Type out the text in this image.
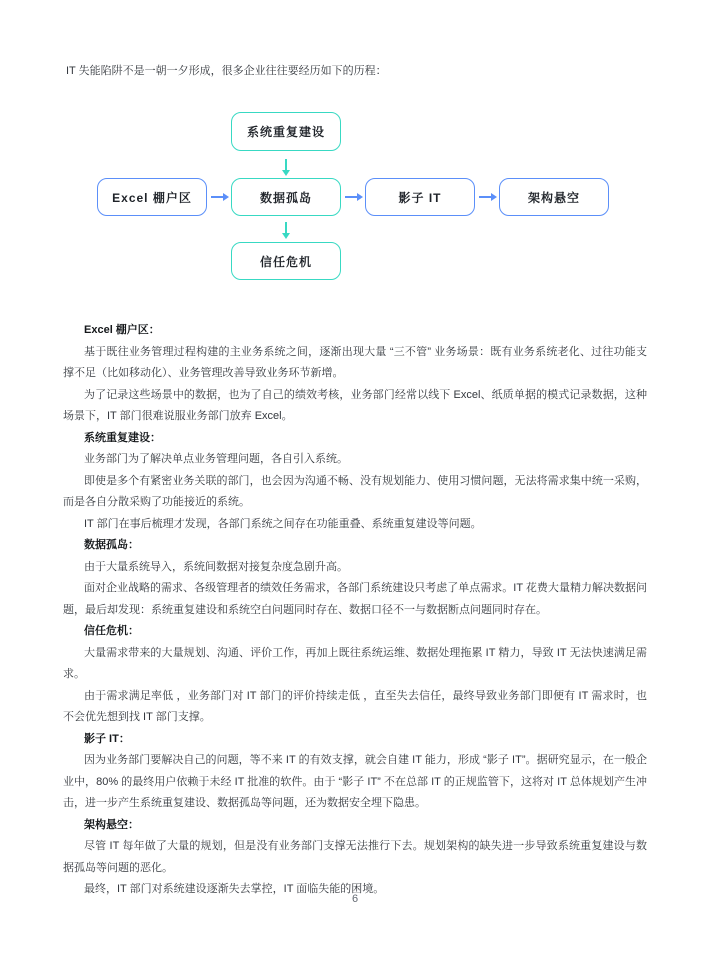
IT 失能陷阱不是一朝一夕形成，很多企业往往要经历如下的历程：

系统重复建设
Excel 棚户区	数据孤岛	影子 IT	架构悬空
信任危机
Excel 棚户区：

基于既往业务管理过程构建的主业务系统之间，逐渐出现大量 “三不管” 业务场景：既有业务系统老化、过往功能支撑不足（比如移动化）、业务管理改善导致业务环节新增。

为了记录这些场景中的数据，也为了自己的绩效考核，业务部门经常以线下 Excel、纸质单据的模式记录数据，这种场景下，IT 部门很难说服业务部门放弃 Excel。

系统重复建设：

业务部门为了解决单点业务管理问题，各自引入系统。

即使是多个有紧密业务关联的部门，也会因为沟通不畅、没有规划能力、使用习惯问题，无法将需求集中统一采购，而是各自分散采购了功能接近的系统。

IT 部门在事后梳理才发现，各部门系统之间存在功能重叠、系统重复建设等问题。

数据孤岛：

由于大量系统导入，系统间数据对接复杂度急剧升高。

面对企业战略的需求、各级管理者的绩效任务需求，各部门系统建设只考虑了单点需求。IT 花费大量精力解决数据问题，最后却发现：系统重复建设和系统空白问题同时存在、数据口径不一与数据断点问题同时存在。

信任危机：

大量需求带来的大量规划、沟通、评价工作，再加上既往系统运维、数据处理拖累 IT 精力，导致 IT 无法快速满足需求。

由于需求满足率低 ，业务部门对 IT 部门的评价持续走低 ，直至失去信任，最终导致业务部门即便有 IT 需求时，也不会优先想到找 IT 部门支撑。

影子 IT：

因为业务部门要解决自己的问题，等不来 IT 的有效支撑，就会自建 IT 能力，形成 “影子 IT”。据研究显示，在一般企业中，80% 的最终用户依赖于未经 IT 批准的软件。由于 “影子 IT” 不在总部 IT 的正规监管下，这将对 IT 总体规划产生冲击，进一步产生系统重复建设、数据孤岛等问题，还为数据安全埋下隐患。

架构悬空：

尽管 IT 每年做了大量的规划，但是没有业务部门支撑无法推行下去。规划架构的缺失进一步导致系统重复建设与数据孤岛等问题的恶化。

最终，IT 部门对系统建设逐渐失去掌控，IT 面临失能的困境。

6
